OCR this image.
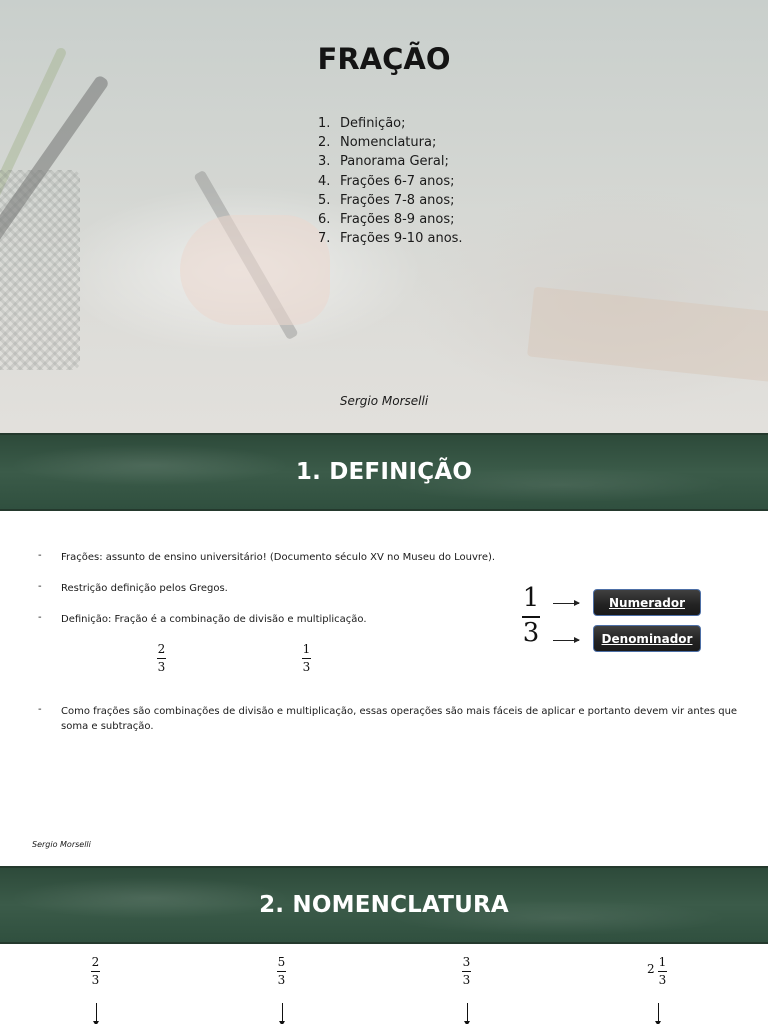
FRAÇÃO
1. Definição;
2. Nomenclatura;
3. Panorama Geral;
4. Frações 6-7 anos;
5. Frações 7-8 anos;
6. Frações 8-9 anos;
7. Frações 9-10 anos.
Sergio Morselli
1. DEFINIÇÃO
-	Frações: assunto de ensino universitário! (Documento século XV no Museu do Louvre).
-	Restrição definição pelos Gregos.
-	Definição: Fração é a combinação de divisão e multiplicação.
-	Como frações são combinações de divisão e multiplicação, essas operações são mais fáceis de aplicar e portanto devem vir antes que soma e subtração.
2
3
1
3
1
3
Numerador
Denominador
Sergio Morselli
2. NOMENCLATURA
2
3
5
3
3
3
2 1
3
